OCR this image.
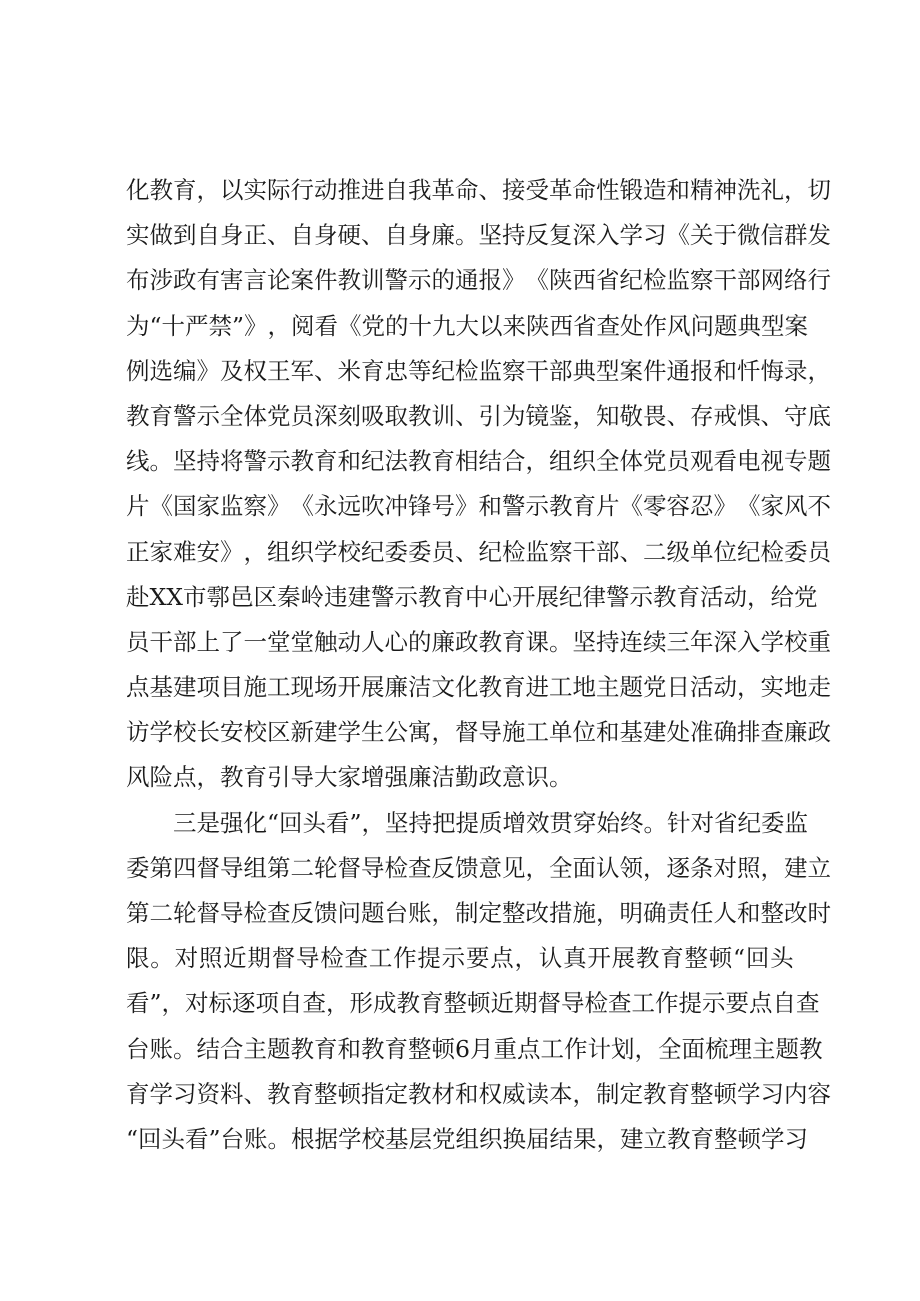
化 教 育 ， 以 实 际 行 动 推 进 自 我 革 命 、 接 受 革 命 性 锻 造 和 精 神 洗 礼 ， 切
实 做 到 自 身 正 、 自 身 硬 、 自 身 廉 。 坚 持 反 复 深 入 学 习 《 关 于 微 信 群 发
布 涉 政 有 害 言 论 案 件 教 训 警 示 的 通 报 》 《 陕 西 省 纪 检 监 察 干 部 网 络 行
为 “ 十 严 禁 ” 》 ， 阅 看 《 党 的 十 九 大 以 来 陕 西 省 查 处 作 风 问 题 典 型 案
例 选 编 》 及 权 王 军 、 米 育 忠 等 纪 检 监 察 干 部 典 型 案 件 通 报 和 忏 悔 录 ，
教 育 警 示 全 体 党 员 深 刻 吸 取 教 训 、 引 为 镜 鉴 ， 知 敬 畏 、 存 戒 惧 、 守 底
线 。 坚 持 将 警 示 教 育 和 纪 法 教 育 相 结 合 ， 组 织 全 体 党 员 观 看 电 视 专 题
片 《 国 家 监 察 》 《 永 远 吹 冲 锋 号 》 和 警 示 教 育 片 《 零 容 忍 》 《 家 风 不
正 家 难 安 》 ， 组 织 学 校 纪 委 委 员 、 纪 检 监 察 干 部 、 二 级 单 位 纪 检 委 员
赴 XX 市 鄠 邑 区 秦 岭 违 建 警 示 教 育 中 心 开 展 纪 律 警 示 教 育 活 动 ， 给 党
员 干 部 上 了 一 堂 堂 触 动 人 心 的 廉 政 教 育 课 。 坚 持 连 续 三 年 深 入 学 校 重
点 基 建 项 目 施 工 现 场 开 展 廉 洁 文 化 教 育 进 工 地 主 题 党 日 活 动 ， 实 地 走
访 学 校 长 安 校 区 新 建 学 生 公 寓 ， 督 导 施 工 单 位 和 基 建 处 准 确 排 查 廉 政
风险点，教育引导大家增强廉洁勤政意识。
三 是 强 化 “ 回 头 看 ” ， 坚 持 把 提 质 增 效 贯 穿 始 终 。 针 对 省 纪 委 监
委 第 四 督 导 组 第 二 轮 督 导 检 查 反 馈 意 见 ， 全 面 认 领 ， 逐 条 对 照 ， 建 立
第 二 轮 督 导 检 查 反 馈 问 题 台 账 ， 制 定 整 改 措 施 ， 明 确 责 任 人 和 整 改 时
限 。 对 照 近 期 督 导 检 查 工 作 提 示 要 点 ， 认 真 开 展 教 育 整 顿 “ 回 头
看 ” ， 对 标 逐 项 自 查 ， 形 成 教 育 整 顿 近 期 督 导 检 查 工 作 提 示 要 点 自 查
台 账 。 结 合 主 题 教 育 和 教 育 整 顿 6 月 重 点 工 作 计 划 ， 全 面 梳 理 主 题 教
育 学 习 资 料 、 教 育 整 顿 指 定 教 材 和 权 威 读 本 ， 制 定 教 育 整 顿 学 习 内 容
“ 回 头 看 ” 台 账 。 根 据 学 校 基 层 党 组 织 换 届 结 果 ， 建 立 教 育 整 顿 学 习
